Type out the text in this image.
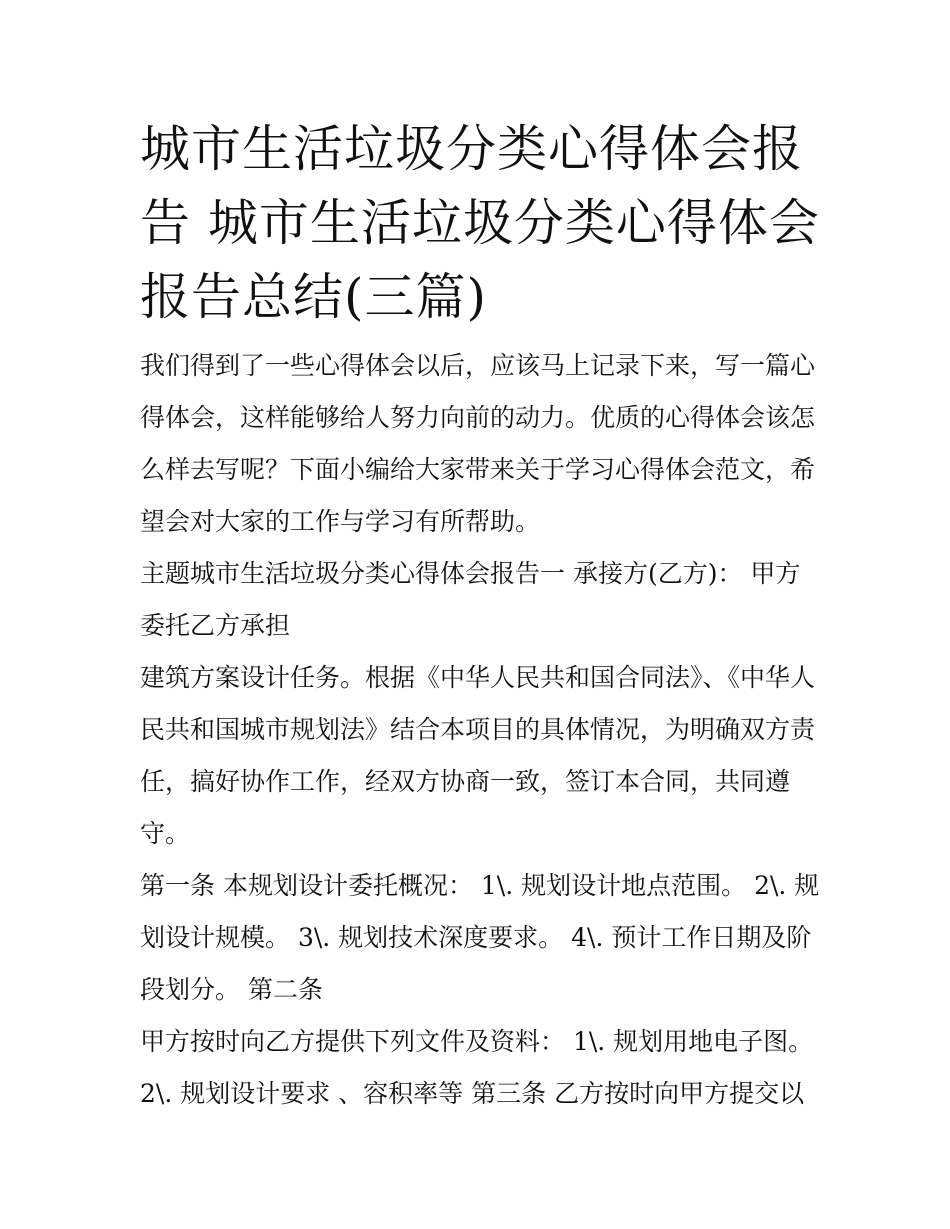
城市生活垃圾分类心得体会报告 城市生活垃圾分类心得体会报告总结(三篇)

我们得到了一些心得体会以后，应该马上记录下来，写一篇心得体会，这样能够给人努力向前的动力。优质的心得体会该怎么样去写呢？下面小编给大家带来关于学习心得体会范文，希望会对大家的工作与学习有所帮助。

主题城市生活垃圾分类心得体会报告一 承接方(乙方)： 甲方委托乙方承担

建筑方案设计任务。根据《中华人民共和国合同法》、《中华人民共和国城市规划法》结合本项目的具体情况，为明确双方责任，搞好协作工作，经双方协商一致，签订本合同，共同遵守。

第一条 本规划设计委托概况： 1\. 规划设计地点范围。 2\. 规划设计规模。 3\. 规划技术深度要求。 4\. 预计工作日期及阶段划分。 第二条

甲方按时向乙方提供下列文件及资料： 1\. 规划用地电子图。 2\. 规划设计要求 、容积率等 第三条 乙方按时向甲方提交以
